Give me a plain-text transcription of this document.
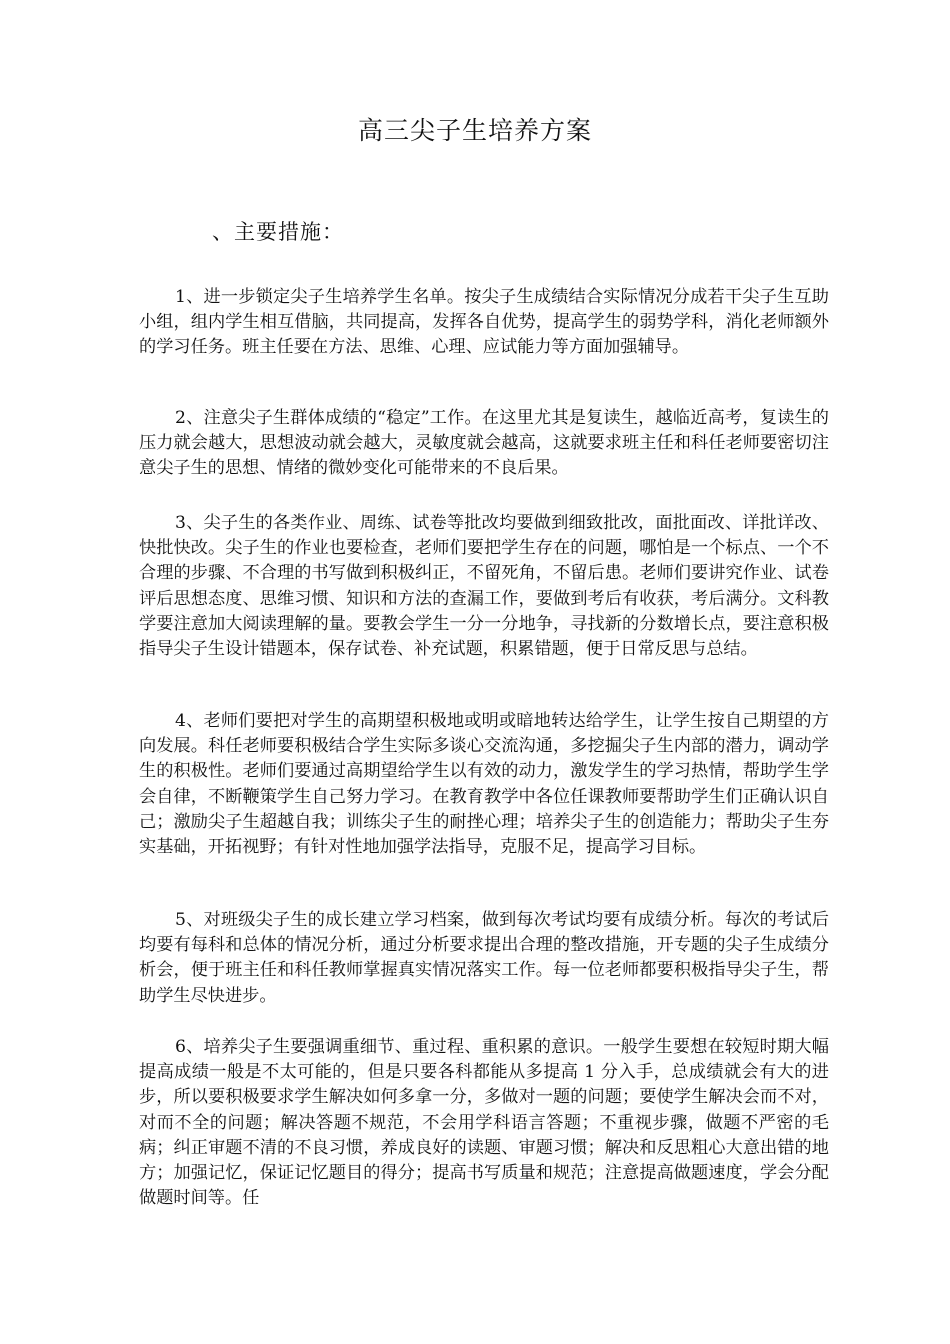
高三尖子生培养方案
、主要措施：

1、进一步锁定尖子生培养学生名单。按尖子生成绩结合实际情况分成若干尖子生互助小组，组内学生相互借脑，共同提高，发挥各自优势，提高学生的弱势学科，消化老师额外的学习任务。班主任要在方法、思维、心理、应试能力等方面加强辅导。

2、注意尖子生群体成绩的“稳定”工作。在这里尤其是复读生，越临近高考，复读生的压力就会越大，思想波动就会越大，灵敏度就会越高，这就要求班主任和科任老师要密切注意尖子生的思想、情绪的微妙变化可能带来的不良后果。

3、尖子生的各类作业、周练、试卷等批改均要做到细致批改，面批面改、详批详改、快批快改。尖子生的作业也要检查，老师们要把学生存在的问题，哪怕是一个标点、一个不合理的步骤、不合理的书写做到积极纠正，不留死角，不留后患。老师们要讲究作业、试卷评后思想态度、思维习惯、知识和方法的查漏工作，要做到考后有收获，考后满分。文科教学要注意加大阅读理解的量。要教会学生一分一分地争，寻找新的分数增长点，要注意积极指导尖子生设计错题本，保存试卷、补充试题，积累错题，便于日常反思与总结。

4、老师们要把对学生的高期望积极地或明或暗地转达给学生，让学生按自己期望的方向发展。科任老师要积极结合学生实际多谈心交流沟通，多挖掘尖子生内部的潜力，调动学生的积极性。老师们要通过高期望给学生以有效的动力，激发学生的学习热情，帮助学生学会自律，不断鞭策学生自己努力学习。在教育教学中各位任课教师要帮助学生们正确认识自己；激励尖子生超越自我；训练尖子生的耐挫心理；培养尖子生的创造能力；帮助尖子生夯实基础，开拓视野；有针对性地加强学法指导，克服不足，提高学习目标。

5、对班级尖子生的成长建立学习档案，做到每次考试均要有成绩分析。每次的考试后均要有每科和总体的情况分析，通过分析要求提出合理的整改措施，开专题的尖子生成绩分析会，便于班主任和科任教师掌握真实情况落实工作。每一位老师都要积极指导尖子生，帮助学生尽快进步。

6、培养尖子生要强调重细节、重过程、重积累的意识。一般学生要想在较短时期大幅提高成绩一般是不太可能的，但是只要各科都能从多提高 1 分入手，总成绩就会有大的进步，所以要积极要求学生解决如何多拿一分，多做对一题的问题；要使学生解决会而不对，对而不全的问题；解决答题不规范，不会用学科语言答题；不重视步骤，做题不严密的毛病；纠正审题不清的不良习惯，养成良好的读题、审题习惯；解决和反思粗心大意出错的地方；加强记忆，保证记忆题目的得分；提高书写质量和规范；注意提高做题速度，学会分配做题时间等。任
